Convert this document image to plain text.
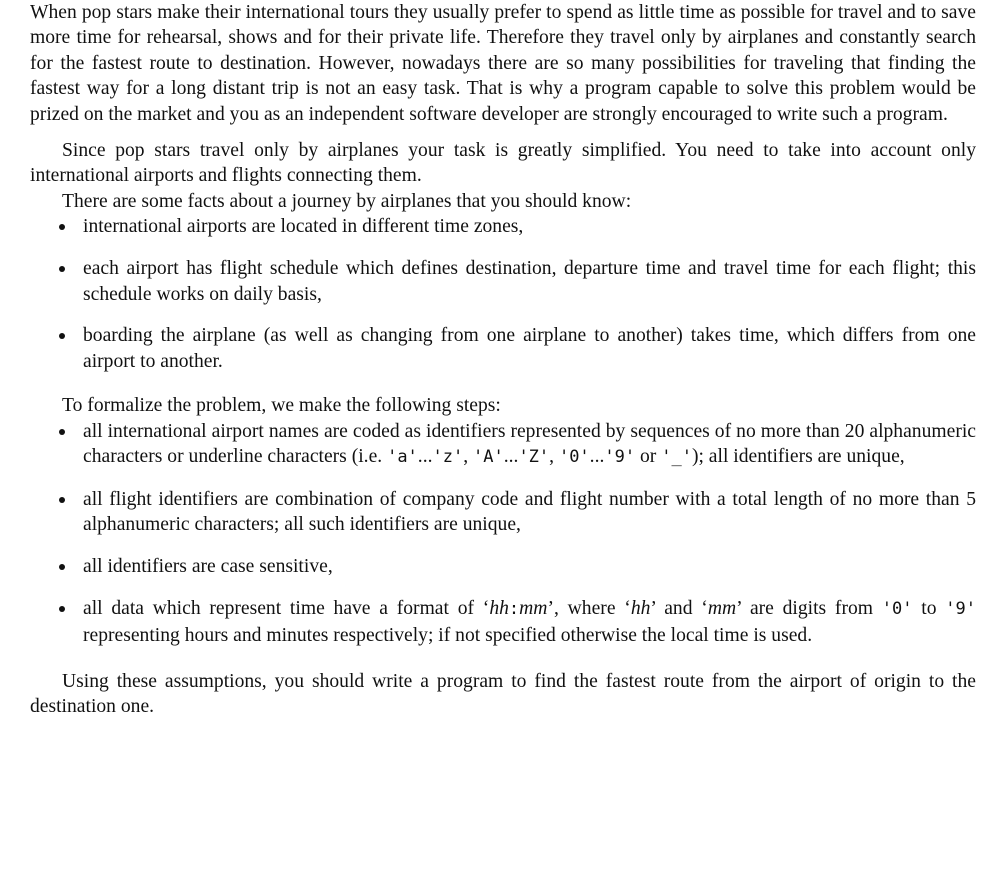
When pop stars make their international tours they usually prefer to spend as little time as possible for travel and to save more time for rehearsal, shows and for their private life. Therefore they travel only by airplanes and constantly search for the fastest route to destination. However, nowadays there are so many possibilities for traveling that finding the fastest way for a long distant trip is not an easy task. That is why a program capable to solve this problem would be prized on the market and you as an independent software developer are strongly encouraged to write such a program.

Since pop stars travel only by airplanes your task is greatly simplified. You need to take into account only international airports and flights connecting them.

There are some facts about a journey by airplanes that you should know:

international airports are located in different time zones,
each airport has flight schedule which defines destination, departure time and travel time for each flight; this schedule works on daily basis,
boarding the airplane (as well as changing from one airplane to another) takes time, which differs from one airport to another.

To formalize the problem, we make the following steps:

all international airport names are coded as identifiers represented by sequences of no more than 20 alphanumeric characters or underline characters (i.e. 'a'...'z', 'A'...'Z', '0'...'9' or '_'); all identifiers are unique,
all flight identifiers are combination of company code and flight number with a total length of no more than 5 alphanumeric characters; all such identifiers are unique,
all identifiers are case sensitive,
all data which represent time have a format of ‘hh:mm’, where ‘hh’ and ‘mm’ are digits from '0' to '9' representing hours and minutes respectively; if not specified otherwise the local time is used.

Using these assumptions, you should write a program to find the fastest route from the airport of origin to the destination one.
